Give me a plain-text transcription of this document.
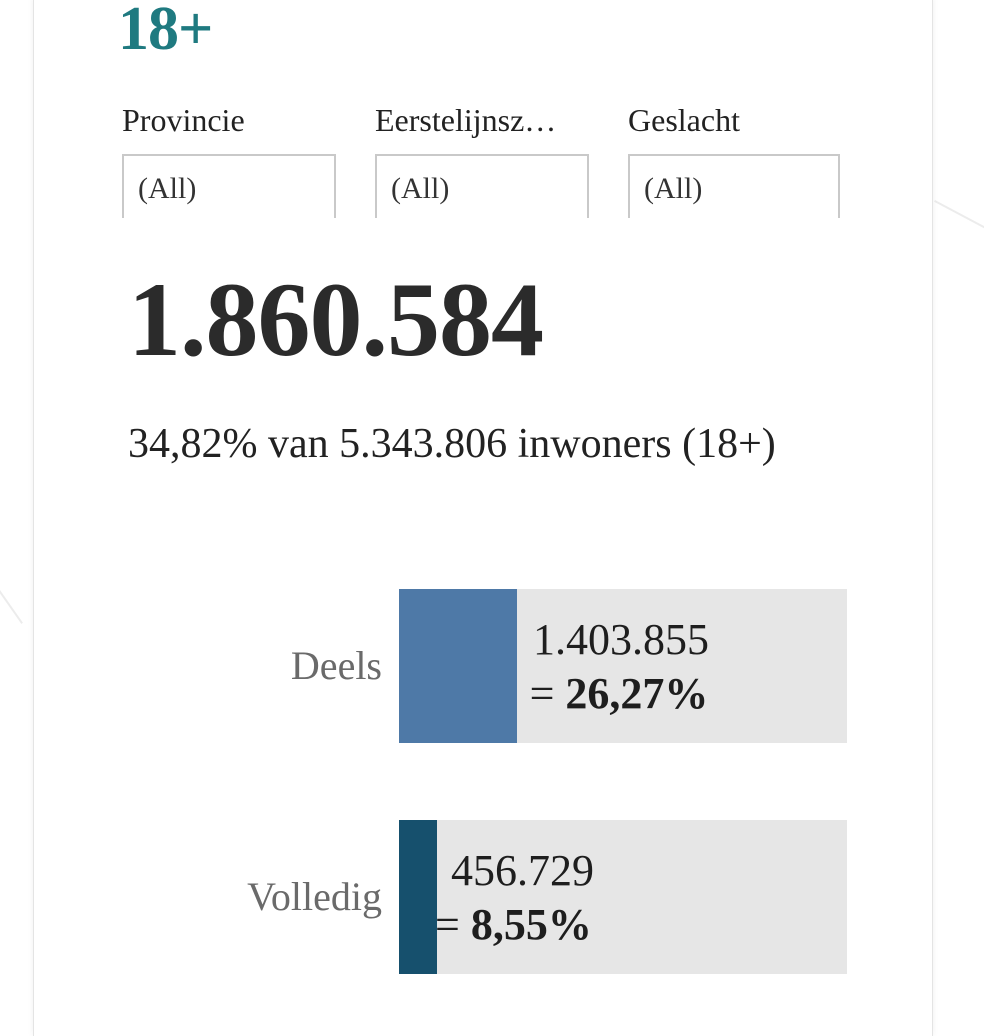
18+
Provincie
(All)
Eerstelijnsz…
(All)
Geslacht
(All)
1.860.584
34,82% van 5.343.806 inwoners (18+)
Deels
1.403.855
= 26,27%
Volledig
456.729
= 8,55%
